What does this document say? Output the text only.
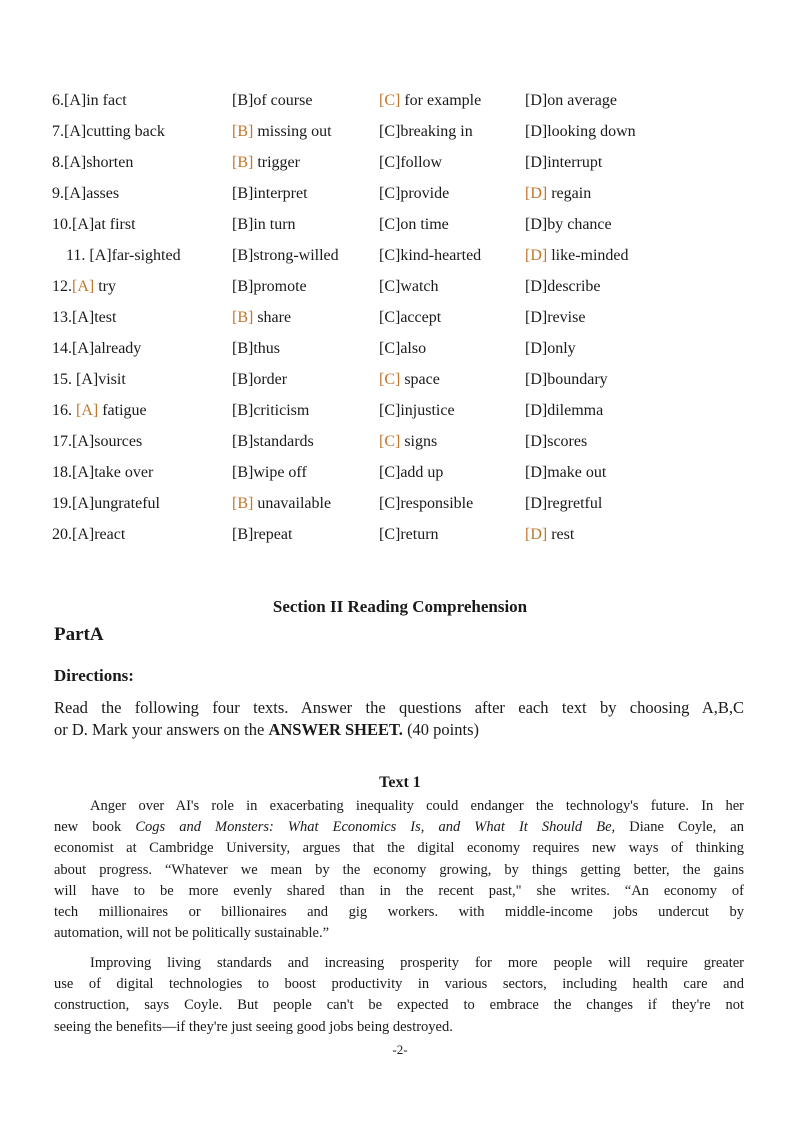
6.[A]in fact	[B]of course	[C] for example	[D]on average
7.[A]cutting back	[B] missing out	[C]breaking in	[D]looking down
8.[A]shorten	[B] trigger	[C]follow	[D]interrupt
9.[A]asses	[B]interpret	[C]provide	[D] regain
10.[A]at first	[B]in turn	[C]on time	[D]by chance
11. [A]far-sighted	[B]strong-willed	[C]kind-hearted	[D] like-minded
12.[A] try	[B]promote	[C]watch	[D]describe
13.[A]test	[B] share	[C]accept	[D]revise
14.[A]already	[B]thus	[C]also	[D]only
15. [A]visit	[B]order	[C] space	[D]boundary
16. [A] fatigue	[B]criticism	[C]injustice	[D]dilemma
17.[A]sources	[B]standards	[C] signs	[D]scores
18.[A]take over	[B]wipe off	[C]add up	[D]make out
19.[A]ungrateful	[B] unavailable	[C]responsible	[D]regretful
20.[A]react	[B]repeat	[C]return	[D] rest
Section II Reading Comprehension
PartA
Directions:
Read the following four texts. Answer the questions after each text by choosing A,B,C
or D. Mark your answers on the ANSWER SHEET. (40 points)
Text 1
Anger over AI's role in exacerbating inequality could endanger the technology's future. In her
new book Cogs and Monsters: What Economics Is, and What It Should Be, Diane Coyle, an
economist at Cambridge University, argues that the digital economy requires new ways of thinking
about progress. “Whatever we mean by the economy growing, by things getting better, the gains
will have to be more evenly shared than in the recent past," she writes. “An economy of
tech millionaires or billionaires and gig workers. with middle-income jobs undercut by
automation, will not be politically sustainable.”
Improving living standards and increasing prosperity for more people will require greater
use of digital technologies to boost productivity in various sectors, including health care and
construction, says Coyle. But people can't be expected to embrace the changes if they're not
seeing the benefits—if they're just seeing good jobs being destroyed.
-2-
